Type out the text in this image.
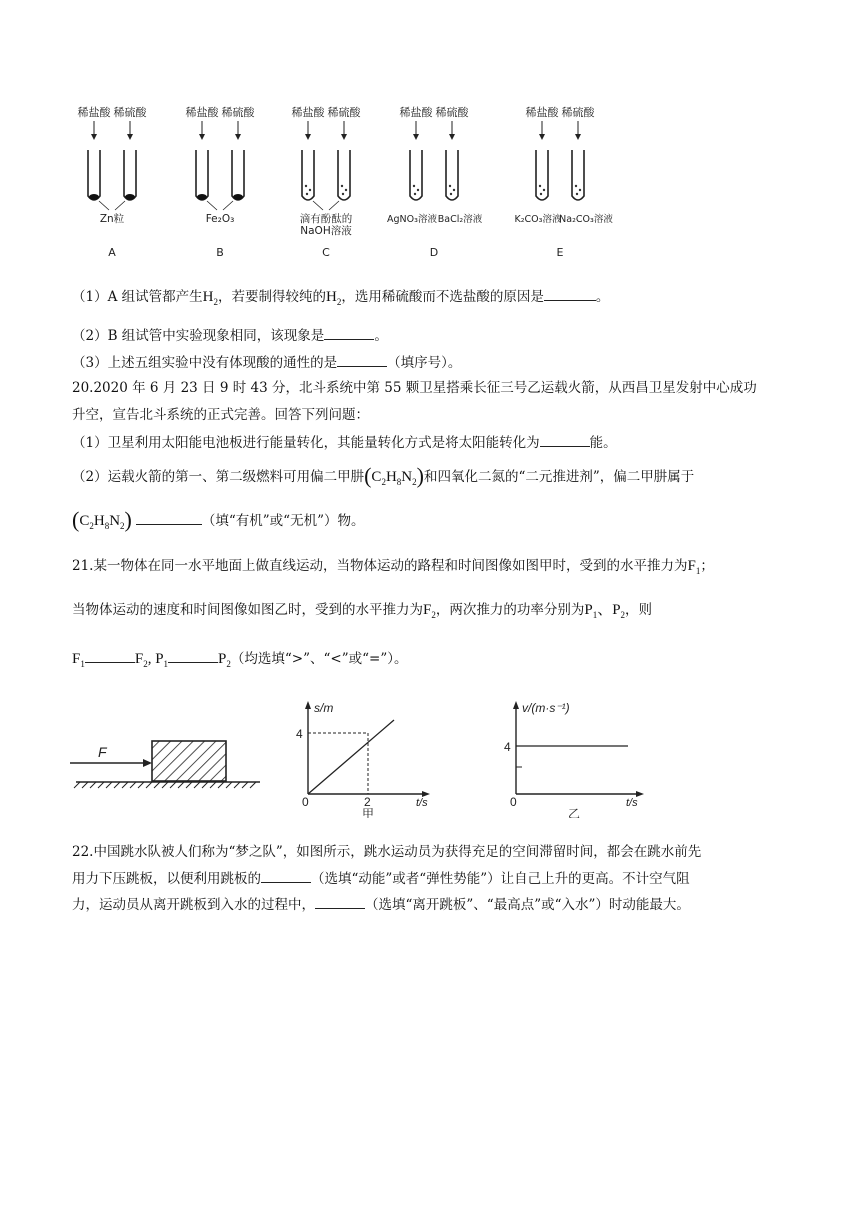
稀盐酸 稀硫酸
Zn粒
A
稀盐酸 稀硫酸
Fe₂O₃
B
稀盐酸 稀硫酸
滴有酚酞的
NaOH溶液
C
稀盐酸 稀硫酸
AgNO₃溶液 BaCl₂溶液
D
稀盐酸 稀硫酸
K₂CO₃溶液
Na₂CO₃溶液
E
（1）A 组试管都产生$H_2$，若要制得较纯的$H_2$，选用稀硫酸而不选盐酸的原因是	。
（2）B 组试管中实验现象相同，该现象是	。
（3）上述五组实验中没有体现酸的通性的是	（填序号）。
20.2020 年 6 月 23 日 9 时 43 分，北斗系统中第 55 颗卫星搭乘长征三号乙运载火箭，从西昌卫星发射中心成功
升空，宣告北斗系统的正式完善。回答下列问题：
（1）卫星利用太阳能电池板进行能量转化，其能量转化方式是将太阳能转化为	能。
（2）运载火箭的第一、第二级燃料可用偏二甲肼$(C_2H_8N_2)$和四氧化二氮的“二元推进剂”，偏二甲肼属于
$(C_2H_8N_2)$	（填“有机”或“无机”）物。
21.某一物体在同一水平地面上做直线运动，当物体运动的路程和时间图像如图甲时，受到的水平推力为$F_1$；
当物体运动的速度和时间图像如图乙时，受到的水平推力为$F_2$，两次推力的功率分别为$P_1$、$P_2$，则
$F_1$	$F_2$, $P_1$	$P_2$（均选填“>”、“<”或“=”）。
F
s/m
4
0	2	t/s
甲
v/(m·s⁻¹)
4
0	t/s
乙
22.中国跳水队被人们称为“梦之队”，如图所示，跳水运动员为获得充足的空间滞留时间，都会在跳水前先
用力下压跳板，以便利用跳板的	（选填“动能”或者“弹性势能”）让自己上升的更高。不计空气阻
力，运动员从离开跳板到入水的过程中，	（选填“离开跳板”、“最高点”或“入水”）时动能最大。
